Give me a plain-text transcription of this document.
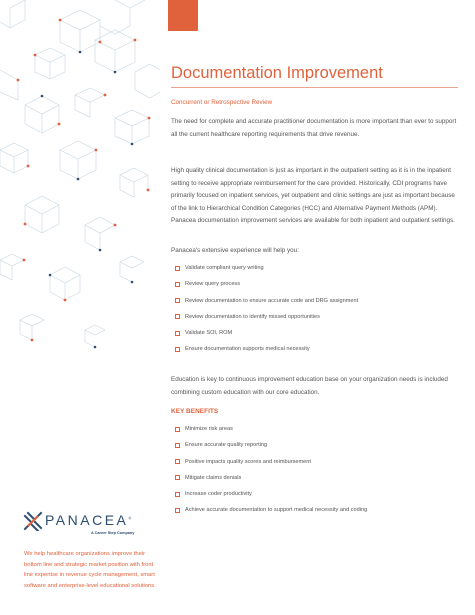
Documentation Improvement
Concurrent or Retrospective Review

The need for complete and accurate practitioner documentation is more important than ever to support all the current healthcare reporting requirements that drive revenue.

High quality clinical documentation is just as important in the outpatient setting as it is in the inpatient setting to receive appropriate reimbursement for the care provided. Historically, CDI programs have primarily focused on inpatient services, yet outpatient and clinic settings are just as important because of the link to Hierarchical Condition Categories (HCC) and Alternative Payment Methods (APM). Panacea documentation improvement services are available for both inpatient and outpatient settings.

Panacea's extensive experience will help you:

Validate compliant query writing
Review query process
Review documentation to ensure accurate code and DRG assignment
Review documentation to identify missed opportunities
Validate SOI, ROM
Ensure documentation supports medical necessity

Education is key to continuous improvement education base on your organization needs is included combining custom education with our core education.

KEY BENEFITS
Minimize risk areas
Ensure accurate quality reporting
Positive impacts quality scores and reimbursement
Mitigate claims denials
Increase coder productivity
Achieve accurate documentation to support medical necessity and coding
PANACEA®
A Career Step Company

We help healthcare organizations improve their bottom line and strategic market position with front line expertise in revenue cycle management, smart software and enterprise-level educational solutions.
